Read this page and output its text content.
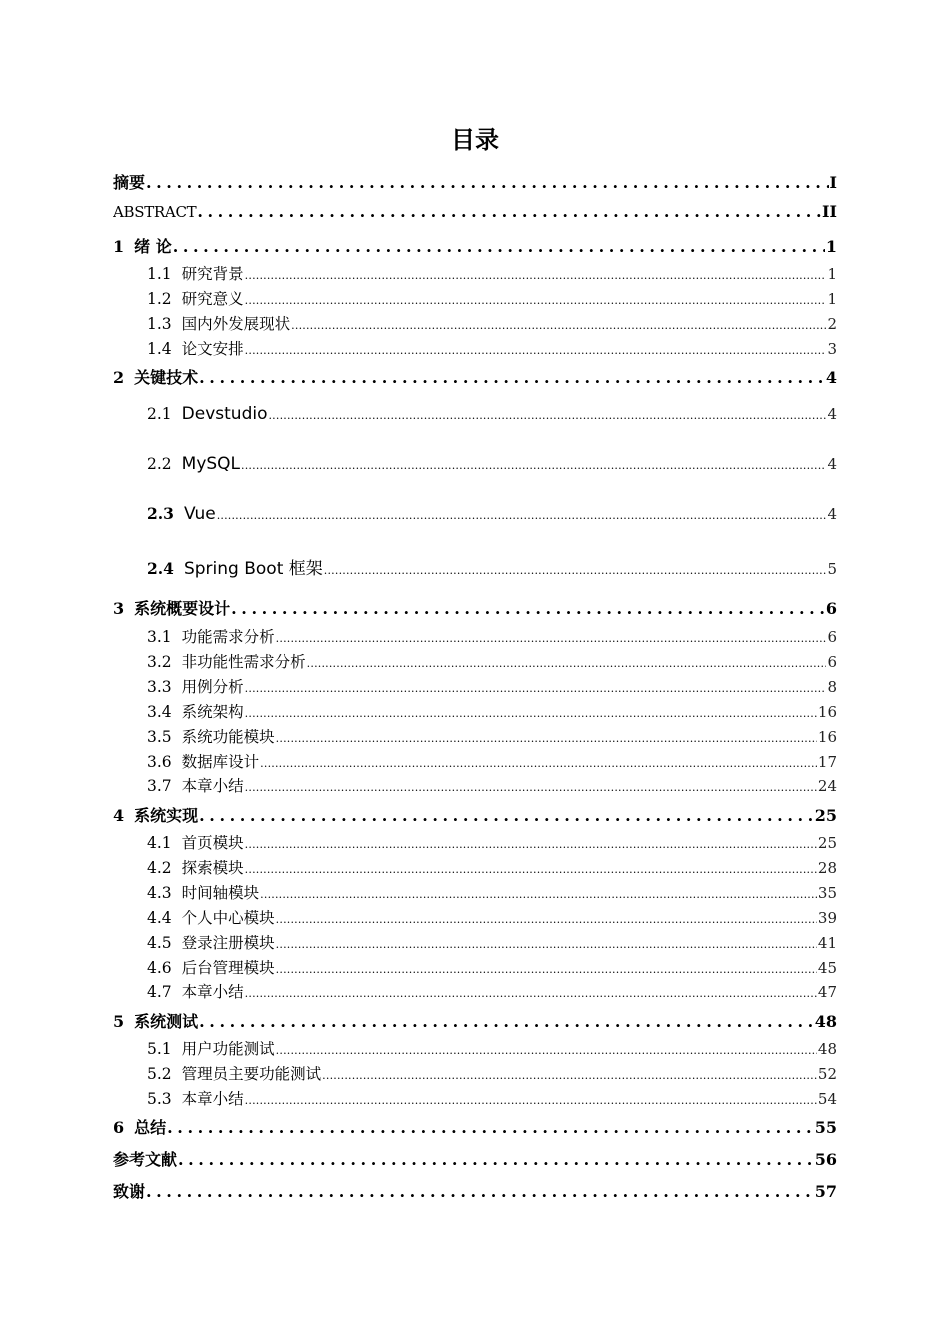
目录
摘要 . . .	I
ABSTRACT . . .	II
1 绪 论 . . .	1
1.1 研究背景 .....	1
1.2 研究意义 .....	1
1.3 国内外发展现状 .....	2
1.4 论文安排 .....	3
2 关键技术 . . .	4
2.1 Devstudio .....	4
2.2 MySQL .....	4
2.3 Vue .....	4
2.4 Spring Boot 框架 .....	5
3 系统概要设计 . . .	6
3.1 功能需求分析 .....	6
3.2 非功能性需求分析 .....	6
3.3 用例分析 .....	8
3.4 系统架构 .....	16
3.5 系统功能模块 .....	16
3.6 数据库设计 .....	17
3.7 本章小结 .....	24
4 系统实现 . . .	25
4.1 首页模块 .....	25
4.2 探索模块 .....	28
4.3 时间轴模块 .....	35
4.4 个人中心模块 .....	39
4.5 登录注册模块 .....	41
4.6 后台管理模块 .....	45
4.7 本章小结 .....	47
5 系统测试 . . .	48
5.1 用户功能测试 .....	48
5.2 管理员主要功能测试 .....	52
5.3 本章小结 .....	54
6 总结 . . .	55
参考文献 . . .	56
致谢 . . .	57
